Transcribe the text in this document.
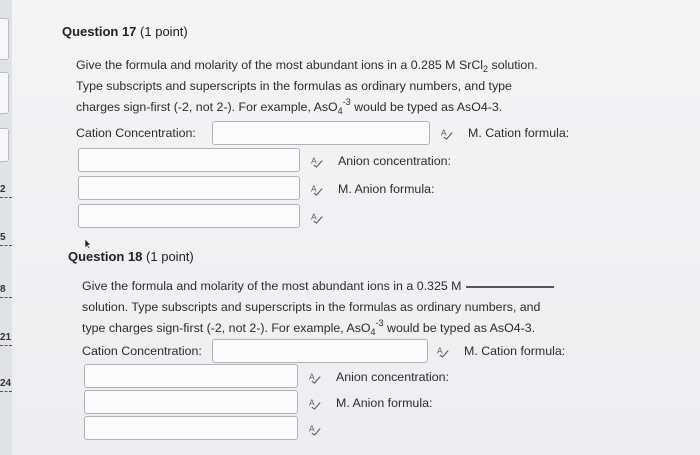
2
5
8
21
24
Question 17 (1 point)
Give the formula and molarity of the most abundant ions in a 0.285 M SrCl$_2$ solution.
Type subscripts and superscripts in the formulas as ordinary numbers, and type
charges sign-first (-2, not 2-). For example, AsO$_4^{-3}$ would be typed as AsO4-3.
Cation Concentration:	A M. Cation formula:
A Anion concentration:
A M. Anion formula:
A
Question 18 (1 point)
Give the formula and molarity of the most abundant ions in a 0.325 M
solution. Type subscripts and superscripts in the formulas as ordinary numbers, and
type charges sign-first (-2, not 2-). For example, AsO$_4^{-3}$ would be typed as AsO4-3.
Cation Concentration:	A M. Cation formula:
A Anion concentration:
A M. Anion formula:
A
